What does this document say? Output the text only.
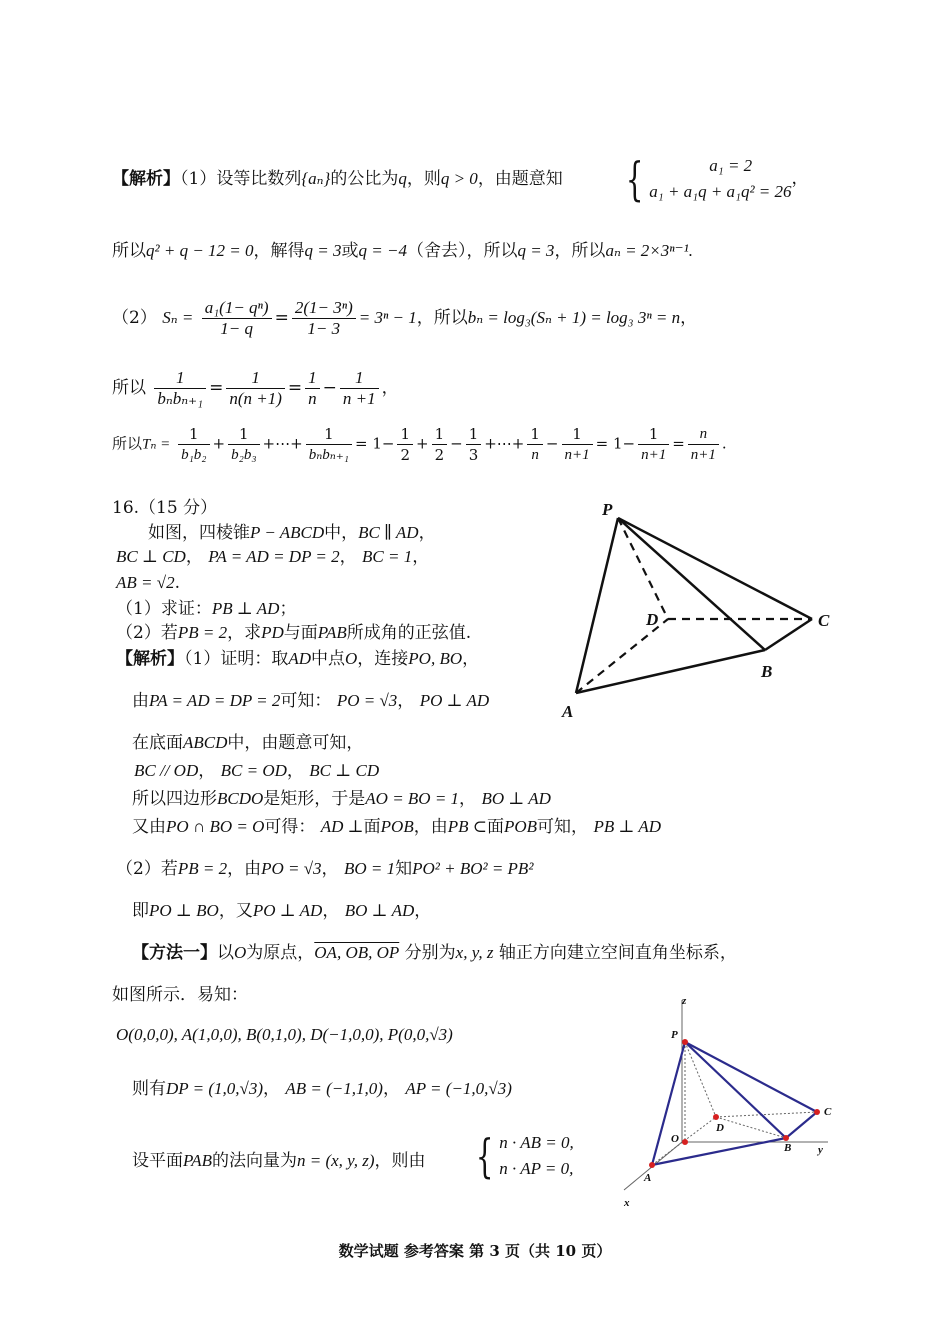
【解析】（1）设等比数列{aₙ}的公比为q，则q > 0，由题意知 {	a₁ = 2
a₁ + a₁q + a₁q² = 26
，
所以q² + q − 12 = 0，解得q = 3或q = −4（舍去），所以q = 3，所以aₙ = 2×3ⁿ⁻¹.
（2） $S_n = \frac{\text{a₁(1− qⁿ)}}{1- q} = \frac{\text{2(1− 3ⁿ)}}{1- 3} = 3^n - 1$，所以bₙ = log₃(Sₙ + 1) = log₃ 3ⁿ = n，
所以 $\frac{1}{\text{bₙbₙ₊₁}} = \frac{1}{n(n +1)} = \frac{1}{n} - \frac{1}{n +1}$ ，
所以$T_n = \frac{1}{\text{b₁b₂}} + \frac{1}{\text{b₂b₃}}$ +⋯+ $\frac{1}{\text{bₙbₙ₊₁}} = 1- \frac{1}{2} + \frac{1}{2} - \frac{1}{3}$ +⋯+ $\frac{1}{n} - \frac{1}{n+1} = 1- \frac{1}{n+1} = \frac{n}{n+1}$ .
16.（15 分）
如图，四棱锥P − ABCD中，BC ∥ AD，
BC ⊥ CD， PA = AD = DP = 2， BC = 1，
AB = √2.
（1）求证：PB ⊥ AD；
（2）若PB = 2，求PD与面PAB所成角的正弦值.
【解析】（1）证明：取AD中点O，连接PO, BO，
由PA = AD = DP = 2可知： PO = √3， PO ⊥ AD
在底面ABCD中，由题意可知，
BC // OD， BC = OD， BC ⊥ CD
所以四边形BCDO是矩形，于是AO = BO = 1， BO ⊥ AD
又由PO ∩ BO = O可得： AD ⊥面POB，由PB ⊂面POB可知， PB ⊥ AD
（2）若PB = 2，由PO = √3， BO = 1知PO² + BO² = PB²
即PO ⊥ BO，又PO ⊥ AD， BO ⊥ AD，
【方法一】以O为原点，OA, OB, OP 分别为x, y, z 轴正方向建立空间直角坐标系，
如图所示．易知：
O(0,0,0), A(1,0,0), B(0,1,0), D(−1,0,0), P(0,0,√3)
则有DP = (1,0,√3)， AB = (−1,1,0)， AP = (−1,0,√3)
设平面PAB的法向量为n = (x, y, z)，则由 { n · AB = 0,
n · AP = 0,
P
D	C
B
A
z
P
D
C
O
B y
A
x
数学试题 参考答案 第 3 页（共 10 页）
